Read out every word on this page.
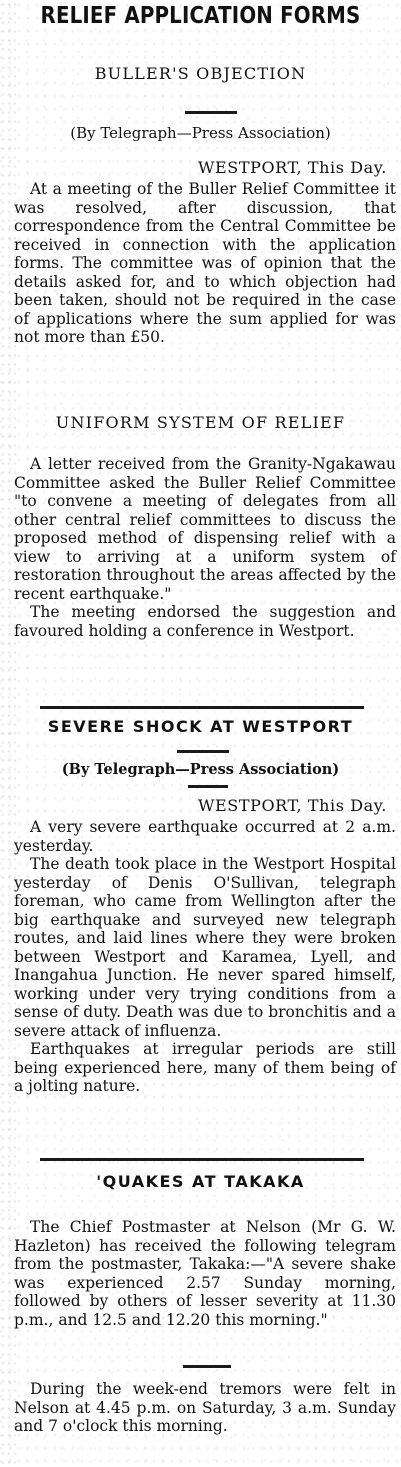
RELIEF APPLICATION FORMS
BULLER'S OBJECTION
(By Telegraph—Press Association)
WESTPORT, This Day.

At a meeting of the Buller Relief Committee it was resolved, after discussion, that correspondence from the Central Committee be received in connection with the application forms. The committee was of opinion that the details asked for, and to which objection had been taken, should not be required in the case of applications where the sum applied for was not more than £50.

UNIFORM SYSTEM OF RELIEF

A letter received from the Granity-Ngakawau Committee asked the Buller Relief Committee "to convene a meeting of delegates from all other central relief committees to discuss the proposed method of dispensing relief with a view to arriving at a uniform system of restoration throughout the areas affected by the recent earthquake."

The meeting endorsed the suggestion and favoured holding a conference in Westport.

SEVERE SHOCK AT WESTPORT
(By Telegraph—Press Association)
WESTPORT, This Day.

A very severe earthquake occurred at 2 a.m. yesterday.

The death took place in the Westport Hospital yesterday of Denis O'Sullivan, telegraph foreman, who came from Wellington after the big earthquake and surveyed new telegraph routes, and laid lines where they were broken between Westport and Karamea, Lyell, and Inangahua Junction. He never spared himself, working under very trying conditions from a sense of duty. Death was due to bronchitis and a severe attack of influenza.

Earthquakes at irregular periods are still being experienced here, many of them being of a jolting nature.

'QUAKES AT TAKAKA

The Chief Postmaster at Nelson (Mr G. W. Hazleton) has received the following telegram from the postmaster, Takaka:—"A severe shake was experienced 2.57 Sunday morning, followed by others of lesser severity at 11.30 p.m., and 12.5 and 12.20 this morning."

During the week-end tremors were felt in Nelson at 4.45 p.m. on Saturday, 3 a.m. Sunday and 7 o'clock this morning.
